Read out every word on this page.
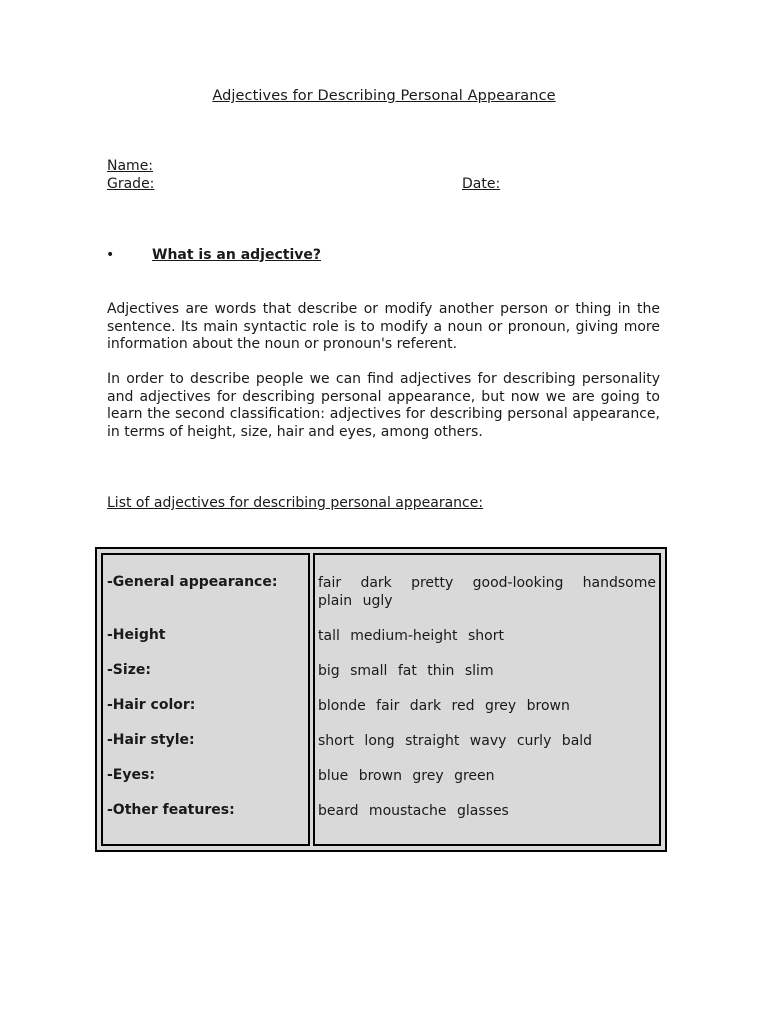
Adjectives for Describing Personal Appearance
Name:
Grade:	Date:
•	What is an adjective?
Adjectives are words that describe or modify another person or thing in the sentence. Its main syntactic role is to modify a noun or pronoun, giving more information about the noun or pronoun's referent.
In order to describe people we can find adjectives for describing personality and adjectives for describing personal appearance, but now we are going to learn the second classification: adjectives for describing personal appearance, in terms of height, size, hair and eyes, among others.
List of adjectives for describing personal appearance:
-General appearance:	fair dark pretty good-looking handsome plain ugly
-Height	tall medium-height short
-Size:	big small fat thin slim
-Hair color:	blonde fair dark red grey brown
-Hair style:	short long straight wavy curly bald
-Eyes:	blue brown grey green
-Other features:	beard moustache glasses
